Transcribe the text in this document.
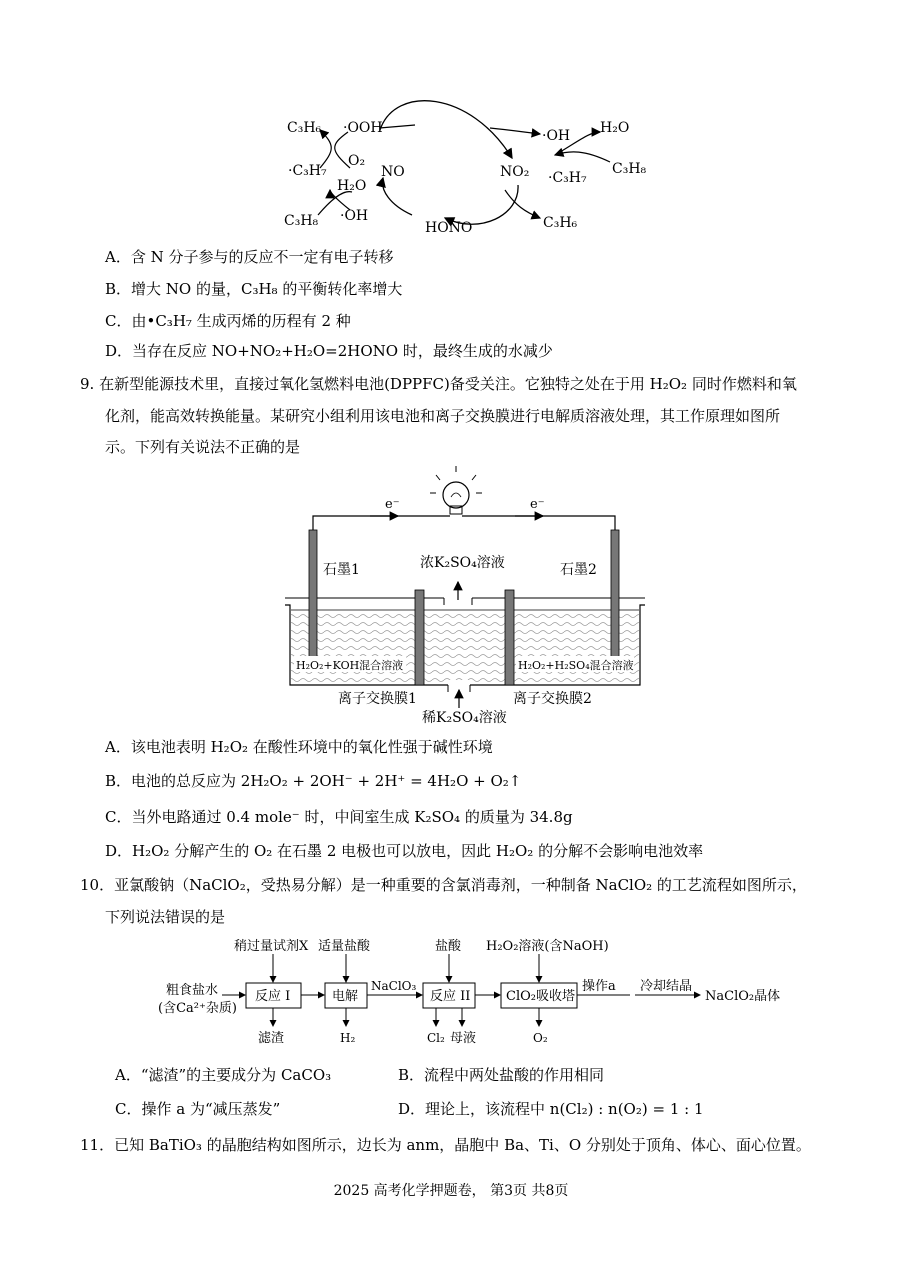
C₃H₆ ·OOH
·C₃H₇
O₂
H₂O
NO
C₃H₈ ·OH
HONO
NO₂
·OH H₂O
·C₃H₇
C₃H₈
C₃H₆
A．含 N 分子参与的反应不一定有电子转移
B．增大 NO 的量，C₃H₈ 的平衡转化率增大
C．由•C₃H₇ 生成丙烯的历程有 2 种
D．当存在反应 NO+NO₂+H₂O=2HONO 时，最终生成的水减少
9. 在新型能源技术里，直接过氧化氢燃料电池(DPPFC)备受关注。它独特之处在于用 H₂O₂ 同时作燃料和氧
化剂，能高效转换能量。某研究小组利用该电池和离子交换膜进行电解质溶液处理，其工作原理如图所
示。下列有关说法不正确的是
e⁻	e⁻
石墨1	石墨2
浓K₂SO₄溶液
H₂O₂+KOH混合溶液	H₂O₂+H₂SO₄混合溶液
离子交换膜1	离子交换膜2
稀K₂SO₄溶液
A．该电池表明 H₂O₂ 在酸性环境中的氧化性强于碱性环境
B．电池的总反应为 2H₂O₂ + 2OH⁻ + 2H⁺ = 4H₂O + O₂↑
C．当外电路通过 0.4 mole⁻ 时，中间室生成 K₂SO₄ 的质量为 34.8g
D．H₂O₂ 分解产生的 O₂ 在石墨 2 电极也可以放电，因此 H₂O₂ 的分解不会影响电池效率
10．亚氯酸钠（NaClO₂，受热易分解）是一种重要的含氯消毒剂，一种制备 NaClO₂ 的工艺流程如图所示，
下列说法错误的是
稍过量试剂X 适量盐酸	盐酸 H₂O₂溶液(含NaOH)
粗食盐水
(含Ca²⁺杂质)
反应 I	电解
NaClO₃
反应 II	ClO₂吸收塔
操作a 冷却结晶
NaClO₂晶体
滤渣	H₂	Cl₂ 母液	O₂
A．“滤渣”的主要成分为 CaCO₃	B．流程中两处盐酸的作用相同
C．操作 a 为“减压蒸发”	D．理论上，该流程中 n(Cl₂) : n(O₂) = 1 : 1
11．已知 BaTiO₃ 的晶胞结构如图所示，边长为 anm，晶胞中 Ba、Ti、O 分别处于顶角、体心、面心位置。
2025 高考化学押题卷， 第3页 共8页
